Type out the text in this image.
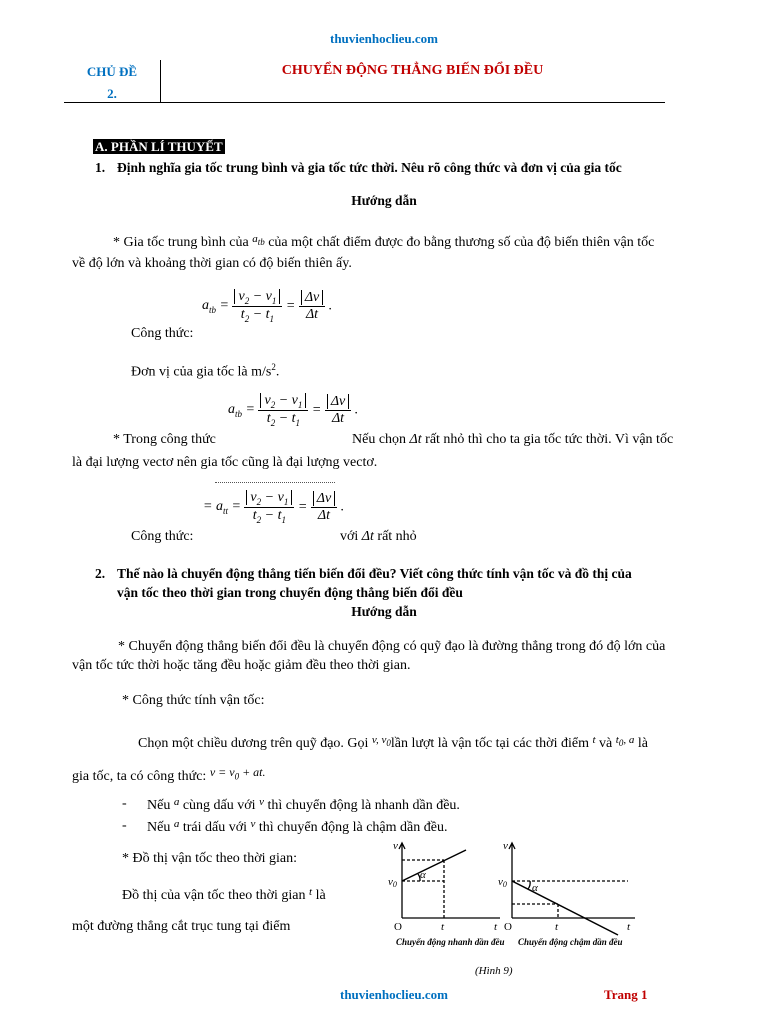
thuvienhoclieu.com
CHỦ ĐỀ
2.
CHUYỂN ĐỘNG THẲNG BIẾN ĐỔI ĐỀU
A. PHẦN LÍ THUYẾT
1. Định nghĩa gia tốc trung bình và gia tốc tức thời. Nêu rõ công thức và đơn vị của gia tốc
Hướng dẫn
* Gia tốc trung bình của $^{a_{tb}}$ của một chất điểm được đo bằng thương số của độ biến thiên vận tốc
về độ lớn và khoảng thời gian có độ biến thiên ấy.
Công thức:
$a_{tb} = \frac{v_2 - v_1}{t_2 - t_1} = \frac{\Delta v}{\Delta t}$ .
Đơn vị của gia tốc là $m/s^2$.
$a_{tb} = \frac{v_2 - v_1}{t_2 - t_1} = \frac{\Delta v}{\Delta t}$ .
* Trong công thức	Nếu chọn Δt rất nhỏ thì cho ta gia tốc tức thời. Vì vận tốc
là đại lượng vectơ nên gia tốc cũng là đại lượng vectơ.
Công thức:
= $a_{tt} = \frac{v_2 - v_1}{t_2 - t_1} = \frac{\Delta v}{\Delta t}$ .
với Δt rất nhỏ
2. Thế nào là chuyển động thẳng tiến biến đổi đều? Viết công thức tính vận tốc và đồ thị của
vận tốc theo thời gian trong chuyển động thẳng biến đổi đều
Hướng dẫn
* Chuyển động thẳng biến đổi đều là chuyển động có quỹ đạo là đường thẳng trong đó độ lớn của
vận tốc tức thời hoặc tăng đều hoặc giảm đều theo thời gian.
* Công thức tính vận tốc:
Chọn một chiều dương trên quỹ đạo. Gọi $^{v, v_0}$lần lượt là vận tốc tại các thời điểm $^t$ và $^{t_0, a}$ là
gia tốc, ta có công thức: $v = v_0$ + at.
- Nếu $^a$ cùng dấu với $^v$ thì chuyển động là nhanh dần đều.
- Nếu $^a$ trái dấu với $^v$ thì chuyển động là chậm dần đều.
* Đồ thị vận tốc theo thời gian:
Đồ thị của vận tốc theo thời gian $^t$ là
một đường thẳng cắt trục tung tại điểm
v
v0
α
O	t	t
v
v0 α
O	t	t
Chuyển động nhanh dần đều Chuyển động chậm dần đều
(Hình 9)
thuvienhoclieu.com	Trang 1
